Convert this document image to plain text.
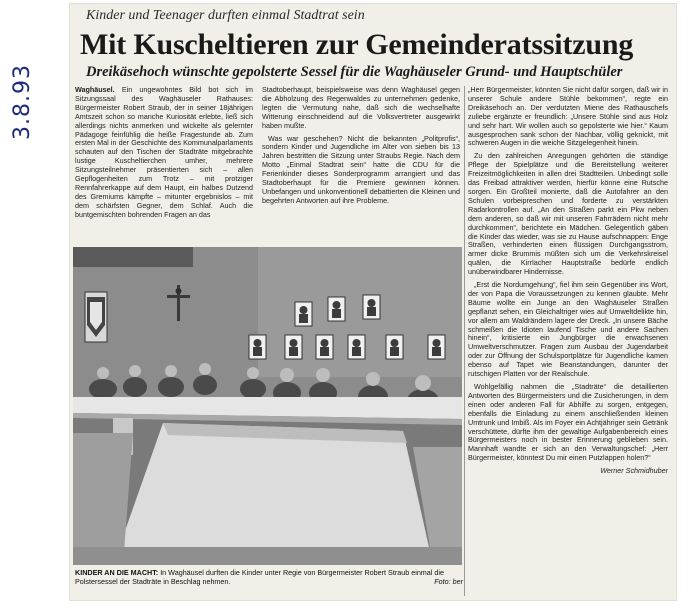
3.8.93
Kinder und Teenager durften einmal Stadtrat sein
Mit Kuscheltieren zur Gemeinderatssitzung
Dreikäsehoch wünschte gepolsterte Sessel für die Waghäuseler Grund- und Hauptschüler

Waghäusel. Ein ungewohntes Bild bot sich im Sitzungssaal des Waghäuseler Rathauses: Bürgermeister Robert Straub, der in seiner 18jährigen Amtszeit schon so manche Kuriosität erlebte, ließ sich allerdings nichts anmerken und wickelte als gelernter Pädagoge feinfühlig die heiße Fragestunde ab. Zum ersten Mal in der Geschichte des Kommunalparlaments schauten auf den Tischen der Stadträte mitgebrachte lustige Kuscheltierchen umher, mehrere Sitzungsteilnehmer präsentierten sich – allen Gepflogenheiten zum Trotz – mit protziger Rennfahrerkappe auf dem Haupt, ein halbes Dutzend des Gremiums kämpfte – mitunter ergebnislos – mit dem schärfsten Gegner, dem Schlaf. Auch die buntgemischten bohrenden Fragen an das

Stadtoberhaupt, beispielsweise was denn Waghäusel gegen die Abholzung des Regenwaldes zu unternehmen gedenke, legten die Vermutung nahe, daß sich die wechselhafte Witterung einschneidend auf die Volksvertreter ausgewirkt haben mußte.

Was war geschehen? Nicht die bekannten „Politprofis“, sondern Kinder und Jugendliche im Alter von sieben bis 13 Jahren bestritten die Sitzung unter Straubs Regie. Nach dem Motto „Einmal Stadtrat sein“ hatte die CDU für die Ferienkinder dieses Sonderprogramm arrangiert und das Stadtoberhaupt für die Premiere gewinnen können. Unbefangen und unkonventionell debattierten die Kleinen und begehrten Antworten auf ihre Probleme.

„Herr Bürgermeister, könnten Sie nicht dafür sorgen, daß wir in unserer Schule andere Stühle bekommen“, regte ein Dreikäsehoch an. Der verdutzten Miene des Rathauschefs zuliebe ergänzte er freundlich: „Unsere Stühle sind aus Holz und sehr hart. Wir wollen auch so gepolsterte wie hier.“ Kaum ausgesprochen sank schon der Nachbar, völlig geknickt, mit schweren Augen in die weiche Sitzgelegenheit hinein.

Zu den zahlreichen Anregungen gehörten die ständige Pflege der Spielplätze und die Bereitstellung weiterer Freizeitmöglichkeiten in allen drei Stadtteilen. Unbedingt solle das Freibad attraktiver werden, hierfür könne eine Rutsche sorgen. Ein Großteil monierte, daß die Autofahrer an den Schulen vorbeipreschen und forderte zu verstärkten Radarkontrollen auf. „An den Straßen parkt ein Pkw neben dem anderen, so daß wir mit unseren Fahrrädern nicht mehr durchkommen“, berichtete ein Mädchen. Gelegentlich gäben die Kinder das wieder, was sie zu Hause aufschnappen: Enge Straßen, verhinderten einen flüssigen Durchgangsstrom, armer dicke Brummis müßten sich um die Verkehrskreisel quälen, die Kirrlacher Hauptstraße bedürfe endlich unüberwindbarer Hindernisse.

„Erst die Nordumgehung“, fiel ihm sein Gegenüber ins Wort, der von Papa die Voraussetzungen zu kennen glaubte. Mehr Bäume wollte ein Junge an den Waghäuseler Straßen gepflanzt sehen, ein Gleichaltriger wies auf Umweltdelikte hin, vor allem am Waldrändern lagere der Dreck. „In unsere Bäche schmeißen die Idioten laufend Tische und andere Sachen hinein“, kritisierte ein Jungbürger die erwachsenen Umweltverschmutzer. Fragen zum Ausbau der Jugendarbeit oder zur Öffnung der Schulsportplätze für Jugendliche kamen ebenso auf Tapet wie Beanstandungen, darunter der rutschigen Platten vor der Realschule.

Wohlgefällig nahmen die „Stadträte“ die detaillierten Antworten des Bürgermeisters und die Zusicherungen, in dem einen oder anderen Fall für Abhilfe zu sorgen, entgegen, ebenfalls die Einladung zu einem anschließenden kleinen Umtrunk und Imbiß. Als im Foyer ein Achtjähriger sein Getränk verschüttete, dürfte ihm der gewaltige Aufgabenbereich eines Bürgermeisters noch in bester Erinnerung geblieben sein. Mannhaft wandte er sich an den Verwaltungschef: „Herr Bürgermeister, könntest Du mir einen Putzlappen holen?“

Werner Schmidhuber

KINDER AN DIE MACHT: In Waghäusel durften die Kinder unter Regie von Bürgermeister Robert Straub einmal die Polstersessel der Stadträte in Beschlag nehmen.	Foto: ber
